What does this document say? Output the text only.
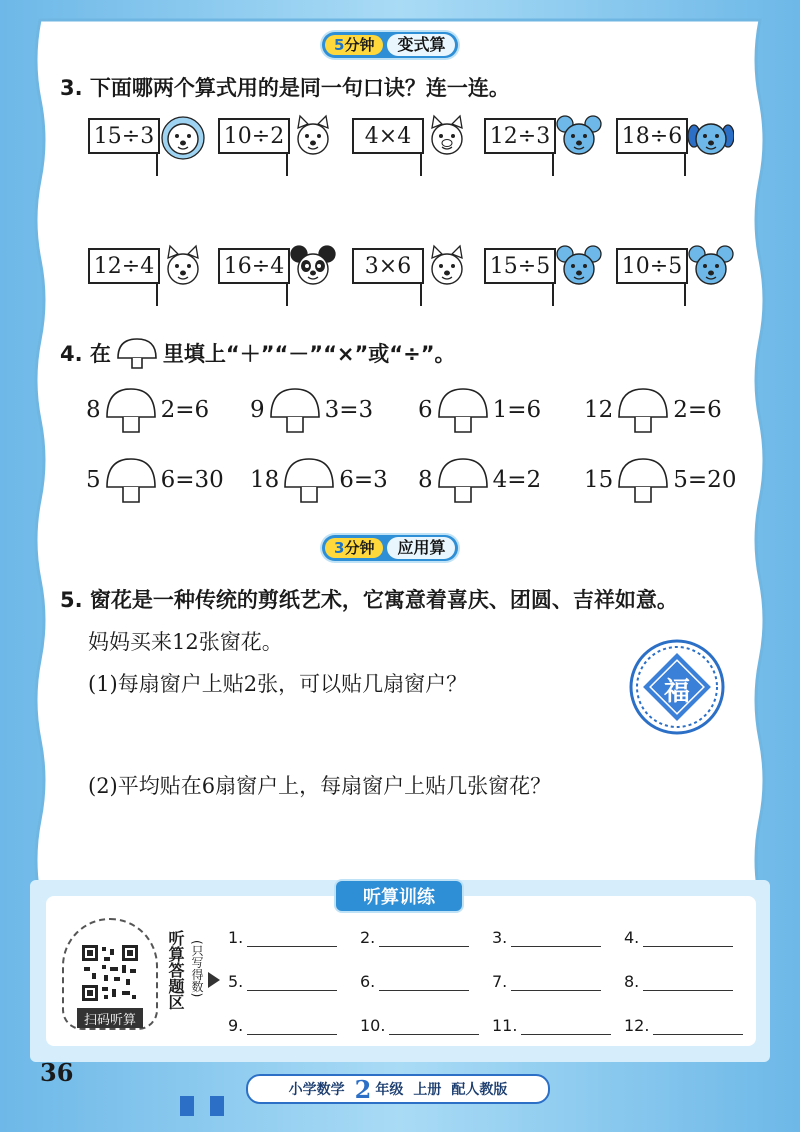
5分钟	变式算
3. 下面哪两个算式用的是同一句口诀？连一连。
15÷3	10÷2	4×4	12÷3	18÷6
12÷4	16÷4	3×6	15÷5	10÷5
4. 在 里填上“＋”“－”“×”或“÷”。
8	2=6 9	3=3 6	1=6 12	2=6
5	6=30 18	6=3 8	4=2 15	5=20
3分钟	应用算
5. 窗花是一种传统的剪纸艺术，它寓意着喜庆、团圆、吉祥如意。
妈妈买来12张窗花。
(1)每扇窗户上贴2张，可以贴几扇窗户？
(2)平均贴在6扇窗户上，每扇窗户上贴几张窗花？
福
听算训练
扫码听算
听算答题区 (只写得数)
1.	2.	3.	4.
5.	6.	7.	8.
9.	10.	11.	12.
36
小学数学 2 年级 上册 配人教版
